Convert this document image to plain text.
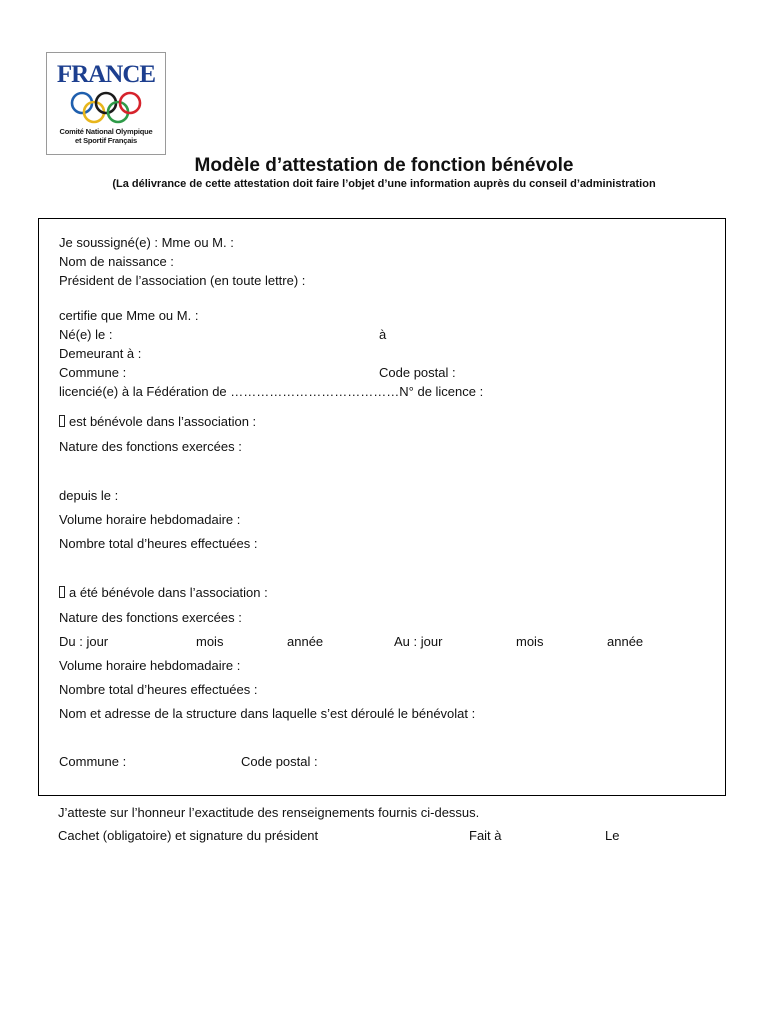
FRANCE
Comité National Olympique
et Sportif Français
Modèle d’attestation de fonction bénévole
(La délivrance de cette attestation doit faire l’objet d’une information auprès du conseil d’administration
Je soussigné(e) : Mme ou M. :
Nom de naissance :
Président de l’association (en toute lettre) :
certifie que Mme ou M. :
Né(e) le :	à
Demeurant à :
Commune :	Code postal :
licencié(e) à la Fédération de …………………………………N° de licence :
est bénévole dans l’association :
Nature des fonctions exercées :
depuis le :
Volume horaire hebdomadaire :
Nombre total d’heures effectuées :
a été bénévole dans l’association :
Nature des fonctions exercées :
Du : jour	mois	année	Au : jour	mois	année
Volume horaire hebdomadaire :
Nombre total d’heures effectuées :
Nom et adresse de la structure dans laquelle s’est déroulé le bénévolat :
Commune :	Code postal :
J’atteste sur l’honneur l’exactitude des renseignements fournis ci-dessus.
Cachet (obligatoire) et signature du président	Fait à	Le
